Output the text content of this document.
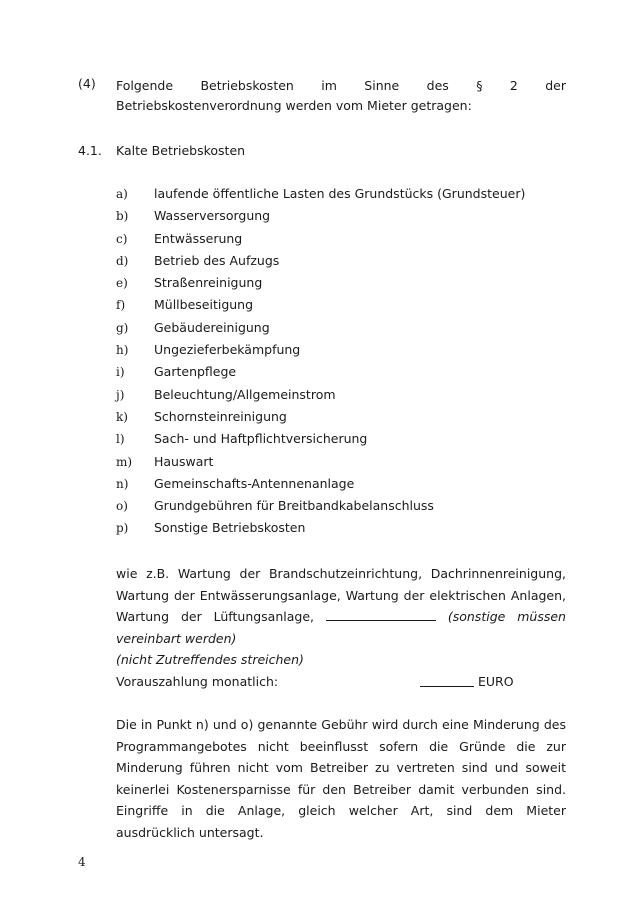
(4) Folgende Betriebskosten im Sinne des § 2 der Betriebskostenverordnung werden vom Mieter getragen:
4.1. Kalte Betriebskosten
a) laufende öffentliche Lasten des Grundstücks (Grundsteuer)
b) Wasserversorgung
c) Entwässerung
d) Betrieb des Aufzugs
e) Straßenreinigung
f) Müllbeseitigung
g) Gebäudereinigung
h) Ungezieferbekämpfung
i) Gartenpflege
j) Beleuchtung/Allgemeinstrom
k) Schornsteinreinigung
l) Sach- und Haftpflichtversicherung
m) Hauswart
n) Gemeinschafts-Antennenanlage
o) Grundgebühren für Breitbandkabelanschluss
p) Sonstige Betriebskosten
wie z.B. Wartung der Brandschutzeinrichtung, Dachrinnenreinigung, Wartung der Entwässerungsanlage, Wartung der elektrischen Anlagen, Wartung der Lüftungsanlage,	(sonstige müssen vereinbart werden)
(nicht Zutreffendes streichen)
Vorauszahlung monatlich:	EURO
Die in Punkt n) und o) genannte Gebühr wird durch eine Minderung des Programmangebotes nicht beeinflusst sofern die Gründe die zur Minderung führen nicht vom Betreiber zu vertreten sind und soweit keinerlei Kostenersparnisse für den Betreiber damit verbunden sind. Eingriffe in die Anlage, gleich welcher Art, sind dem Mieter ausdrücklich untersagt.
4
